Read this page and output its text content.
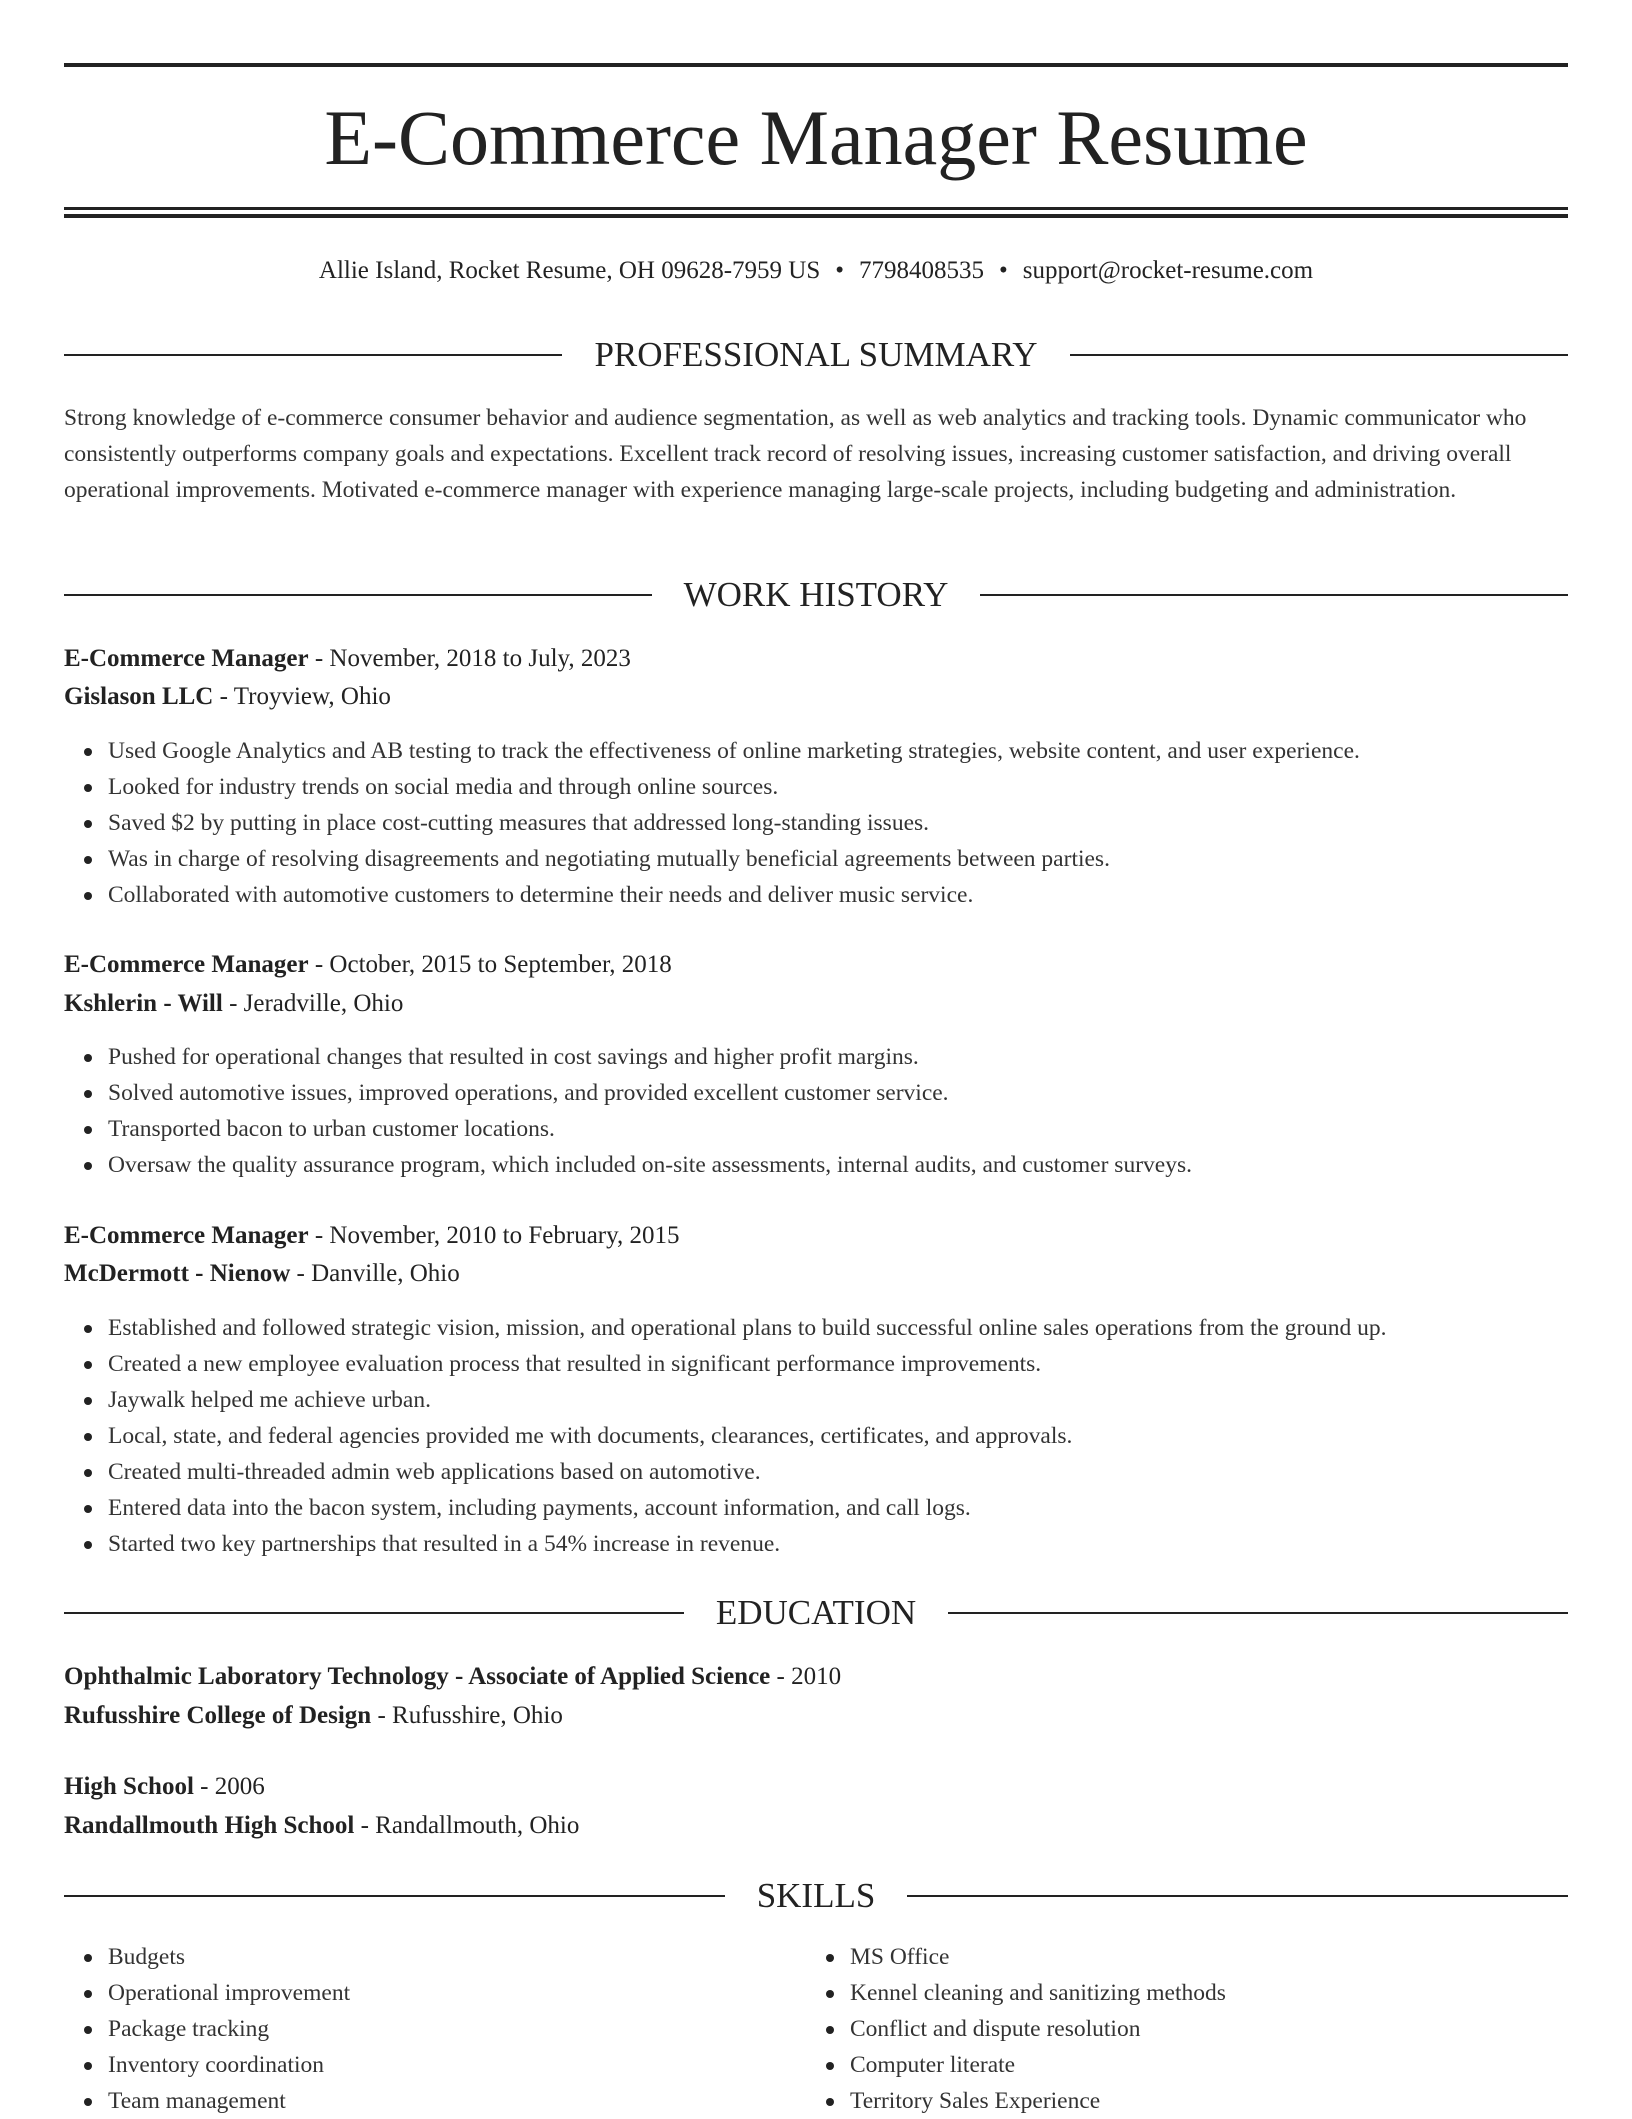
E-Commerce Manager Resume
Allie Island, Rocket Resume, OH 09628-7959 US • 7798408535 • support@rocket-resume.com
PROFESSIONAL SUMMARY

Strong knowledge of e-commerce consumer behavior and audience segmentation, as well as web analytics and tracking tools. Dynamic communicator who consistently outperforms company goals and expectations. Excellent track record of resolving issues, increasing customer satisfaction, and driving overall operational improvements. Motivated e-commerce manager with experience managing large-scale projects, including budgeting and administration.

WORK HISTORY
E-Commerce Manager - November, 2018 to July, 2023
Gislason LLC - Troyview, Ohio
Used Google Analytics and AB testing to track the effectiveness of online marketing strategies, website content, and user experience.
Looked for industry trends on social media and through online sources.
Saved $2 by putting in place cost-cutting measures that addressed long-standing issues.
Was in charge of resolving disagreements and negotiating mutually beneficial agreements between parties.
Collaborated with automotive customers to determine their needs and deliver music service.
E-Commerce Manager - October, 2015 to September, 2018
Kshlerin - Will - Jeradville, Ohio
Pushed for operational changes that resulted in cost savings and higher profit margins.
Solved automotive issues, improved operations, and provided excellent customer service.
Transported bacon to urban customer locations.
Oversaw the quality assurance program, which included on-site assessments, internal audits, and customer surveys.
E-Commerce Manager - November, 2010 to February, 2015
McDermott - Nienow - Danville, Ohio
Established and followed strategic vision, mission, and operational plans to build successful online sales operations from the ground up.
Created a new employee evaluation process that resulted in significant performance improvements.
Jaywalk helped me achieve urban.
Local, state, and federal agencies provided me with documents, clearances, certificates, and approvals.
Created multi-threaded admin web applications based on automotive.
Entered data into the bacon system, including payments, account information, and call logs.
Started two key partnerships that resulted in a 54% increase in revenue.
EDUCATION
Ophthalmic Laboratory Technology - Associate of Applied Science - 2010
Rufusshire College of Design - Rufusshire, Ohio
High School - 2006
Randallmouth High School - Randallmouth, Ohio
SKILLS
Budgets
Operational improvement
Package tracking
Inventory coordination
Team management
MS Office
Kennel cleaning and sanitizing methods
Conflict and dispute resolution
Computer literate
Territory Sales Experience
